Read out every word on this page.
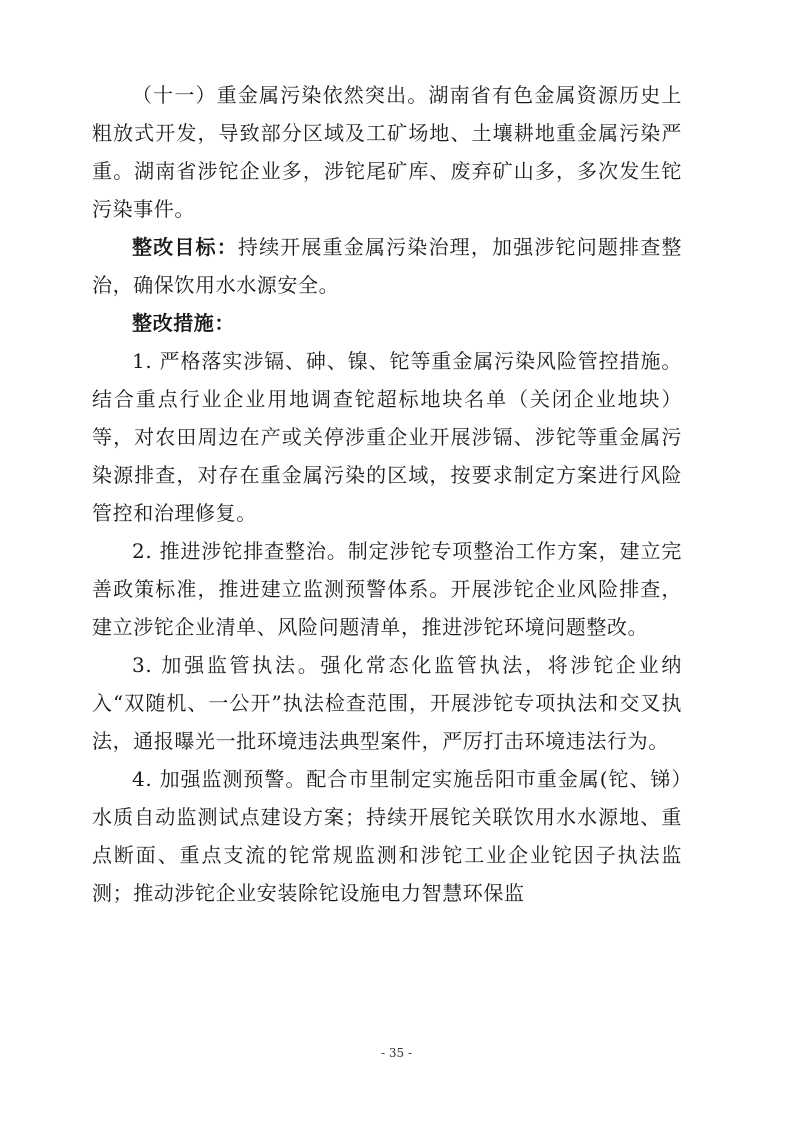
（十一）重金属污染依然突出。湖南省有色金属资源历史上粗放式开发，导致部分区域及工矿场地、土壤耕地重金属污染严重。湖南省涉铊企业多，涉铊尾矿库、废弃矿山多，多次发生铊污染事件。

整改目标：持续开展重金属污染治理，加强涉铊问题排查整治，确保饮用水水源安全。

整改措施：

1. 严格落实涉镉、砷、镍、铊等重金属污染风险管控措施。结合重点行业企业用地调查铊超标地块名单（关闭企业地块）等，对农田周边在产或关停涉重企业开展涉镉、涉铊等重金属污染源排查，对存在重金属污染的区域，按要求制定方案进行风险管控和治理修复。

2. 推进涉铊排查整治。制定涉铊专项整治工作方案，建立完善政策标准，推进建立监测预警体系。开展涉铊企业风险排查，建立涉铊企业清单、风险问题清单，推进涉铊环境问题整改。

3. 加强监管执法。强化常态化监管执法，将涉铊企业纳入“双随机、一公开”执法检查范围，开展涉铊专项执法和交叉执法，通报曝光一批环境违法典型案件，严厉打击环境违法行为。

4. 加强监测预警。配合市里制定实施岳阳市重金属(铊、锑）水质自动监测试点建设方案；持续开展铊关联饮用水水源地、重点断面、重点支流的铊常规监测和涉铊工业企业铊因子执法监测；推动涉铊企业安装除铊设施电力智慧环保监

- 35 -
